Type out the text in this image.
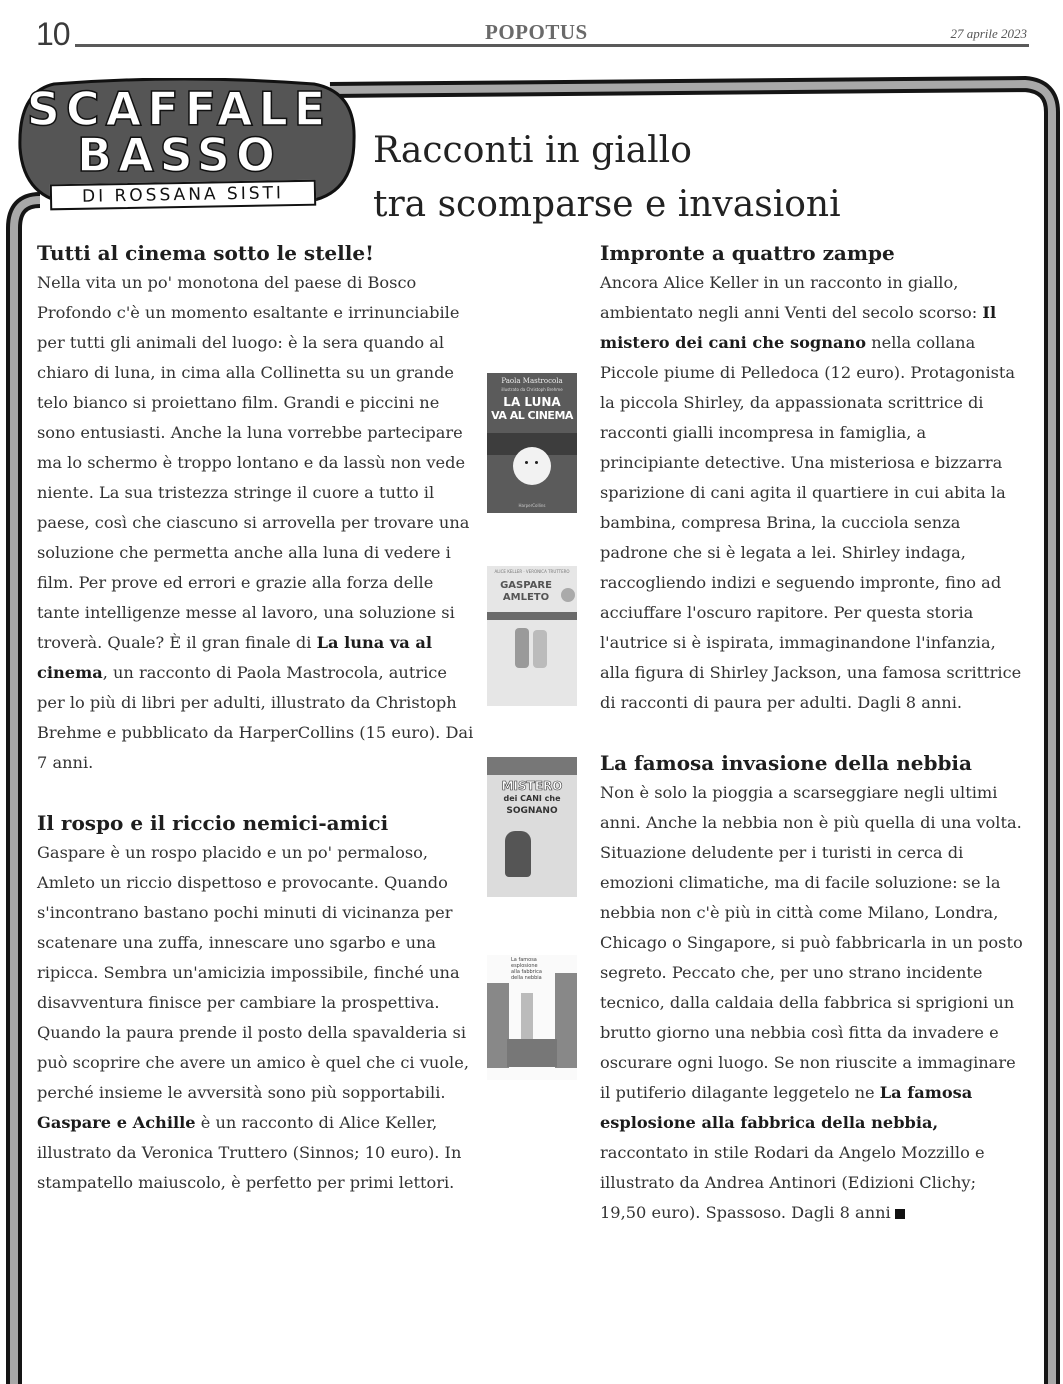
10	POPOTUS	27 aprile 2023
SCAFFALE
BASSO
DI ROSSANA SISTI
Racconti in giallo
tra scomparse e invasioni
Tutti al cinema sotto le stelle!

Nella vita un po' monotona del paese di Bosco Profondo c'è un momento esaltante e irrinunciabile per tutti gli animali del luogo: è la sera quando al chiaro di luna, in cima alla Collinetta su un grande telo bianco si proiettano film. Grandi e piccini ne sono entusiasti. Anche la luna vorrebbe partecipare ma lo schermo è troppo lontano e da lassù non vede niente. La sua tristezza stringe il cuore a tutto il paese, così che ciascuno si arrovella per trovare una soluzione che permetta anche alla luna di vedere i film. Per prove ed errori e grazie alla forza delle tante intelligenze messe al lavoro, una soluzione si troverà. Quale? È il gran finale di La luna va al cinema, un racconto di Paola Mastrocola, autrice per lo più di libri per adulti, illustrato da Christoph Brehme e pubblicato da HarperCollins (15 euro). Dai 7 anni.

Il rospo e il riccio nemici-amici

Gaspare è un rospo placido e un po' permaloso, Amleto un riccio dispettoso e provocante. Quando s'incontrano bastano pochi minuti di vicinanza per scatenare una zuffa, innescare uno sgarbo e una ripicca. Sembra un'amicizia impossibile, finché una disavventura finisce per cambiare la prospettiva. Quando la paura prende il posto della spavalderia si può scoprire che avere un amico è quel che ci vuole, perché insieme le avversità sono più sopportabili. Gaspare e Achille è un racconto di Alice Keller, illustrato da Veronica Truttero (Sinnos; 10 euro). In stampatello maiuscolo, è perfetto per primi lettori.

Impronte a quattro zampe

Ancora Alice Keller in un racconto in giallo, ambientato negli anni Venti del secolo scorso: Il mistero dei cani che sognano nella collana Piccole piume di Pelledoca (12 euro). Protagonista la piccola Shirley, da appassionata scrittrice di racconti gialli incompresa in famiglia, a principiante detective. Una misteriosa e bizzarra sparizione di cani agita il quartiere in cui abita la bambina, compresa Brina, la cucciola senza padrone che si è legata a lei. Shirley indaga, raccogliendo indizi e seguendo impronte, fino ad acciuffare l'oscuro rapitore. Per questa storia l'autrice si è ispirata, immaginandone l'infanzia, alla figura di Shirley Jackson, una famosa scrittrice di racconti di paura per adulti. Dagli 8 anni.

La famosa invasione della nebbia

Non è solo la pioggia a scarseggiare negli ultimi anni. Anche la nebbia non è più quella di una volta. Situazione deludente per i turisti in cerca di emozioni climatiche, ma di facile soluzione: se la nebbia non c'è più in città come Milano, Londra, Chicago o Singapore, si può fabbricarla in un posto segreto. Peccato che, per uno strano incidente tecnico, dalla caldaia della fabbrica si sprigioni un brutto giorno una nebbia così fitta da invadere e oscurare ogni luogo. Se non riuscite a immaginare il putiferio dilagante leggetelo ne La famosa esplosione alla fabbrica della nebbia, raccontato in stile Rodari da Angelo Mozzillo e illustrato da Andrea Antinori (Edizioni Clichy; 19,50 euro). Spassoso. Dagli 8 anni

Paola Mastrocola
illustrato da Christoph Brehme
LA LUNA
VA AL CINEMA
HarperCollins
ALICE KELLER · VERONICA TRUTTERO
GASPARE
AMLETO
MISTERO
dei CANI che
SOGNANO
La famosa
esplosione
alla fabbrica
della nebbia
